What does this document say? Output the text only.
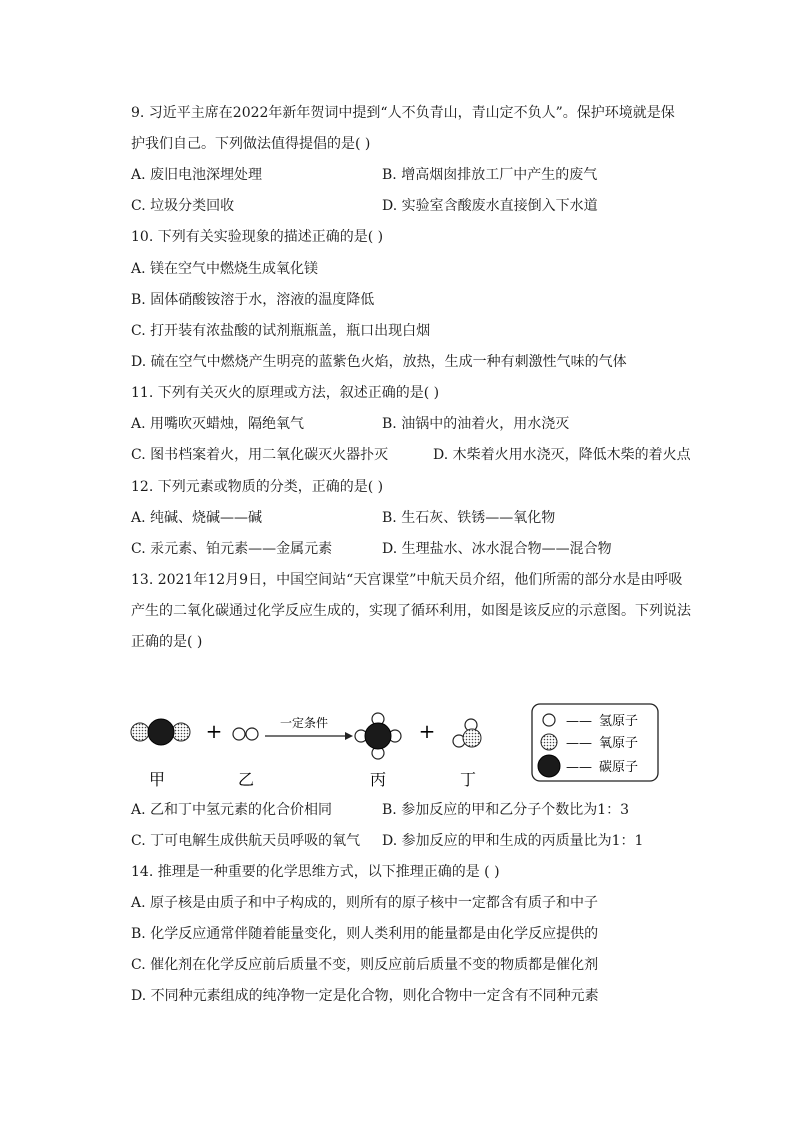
9. 习近平主席在2022年新年贺词中提到“人不负青山，青山定不负人”。保护环境就是保
护我们自己。下列做法值得提倡的是( )
A. 废旧电池深埋处理	B. 增高烟囱排放工厂中产生的废气
C. 垃圾分类回收	D. 实验室含酸废水直接倒入下水道
10. 下列有关实验现象的描述正确的是( )
A. 镁在空气中燃烧生成氧化镁
B. 固体硝酸铵溶于水，溶液的温度降低
C. 打开装有浓盐酸的试剂瓶瓶盖，瓶口出现白烟
D. 硫在空气中燃烧产生明亮的蓝紫色火焰，放热，生成一种有刺激性气味的气体
11. 下列有关灭火的原理或方法，叙述正确的是( )
A. 用嘴吹灭蜡烛，隔绝氧气	B. 油锅中的油着火，用水浇灭
C. 图书档案着火，用二氧化碳灭火器扑灭	D. 木柴着火用水浇灭，降低木柴的着火点
12. 下列元素或物质的分类，正确的是( )
A. 纯碱、烧碱——碱	B. 生石灰、铁锈——氧化物
C. 汞元素、铂元素——金属元素	D. 生理盐水、冰水混合物——混合物
13. 2021年12月9日，中国空间站“天宫课堂”中航天员介绍，他们所需的部分水是由呼吸
产生的二氧化碳通过化学反应生成的，实现了循环利用，如图是该反应的示意图。下列说法
正确的是( )
甲
+
乙
一定条件
丙
+
丁
—— 氢原子
—— 氧原子
—— 碳原子
A. 乙和丁中氢元素的化合价相同	B. 参加反应的甲和乙分子个数比为1：3
C. 丁可电解生成供航天员呼吸的氧气 D. 参加反应的甲和生成的丙质量比为1：1
14. 推理是一种重要的化学思维方式，以下推理正确的是 ( )
A. 原子核是由质子和中子构成的，则所有的原子核中一定都含有质子和中子
B. 化学反应通常伴随着能量变化，则人类利用的能量都是由化学反应提供的
C. 催化剂在化学反应前后质量不变，则反应前后质量不变的物质都是催化剂
D. 不同种元素组成的纯净物一定是化合物，则化合物中一定含有不同种元素
